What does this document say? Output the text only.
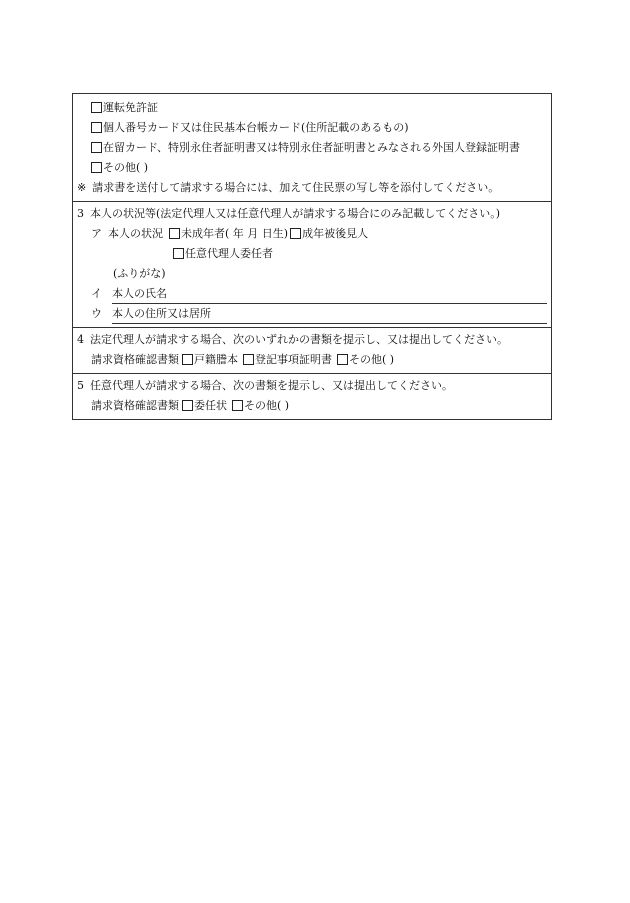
運転免許証
個人番号カード又は住民基本台帳カード(住所記載のあるもの)
在留カード、特別永住者証明書又は特別永住者証明書とみなされる外国人登録証明書
その他( )
※ 請求書を送付して請求する場合には、加えて住民票の写し等を添付してください。
3 本人の状況等(法定代理人又は任意代理人が請求する場合にのみ記載してください。)
ア 本人の状況 未成年者( 年 月 日生) 成年被後見人
任意代理人委任者
(ふりがな)
イ 本人の氏名
ウ 本人の住所又は居所
4 法定代理人が請求する場合、次のいずれかの書類を提示し、又は提出してください。
請求資格確認書類 戸籍謄本 登記事項証明書 その他( )
5 任意代理人が請求する場合、次の書類を提示し、又は提出してください。
請求資格確認書類 委任状 その他( )
